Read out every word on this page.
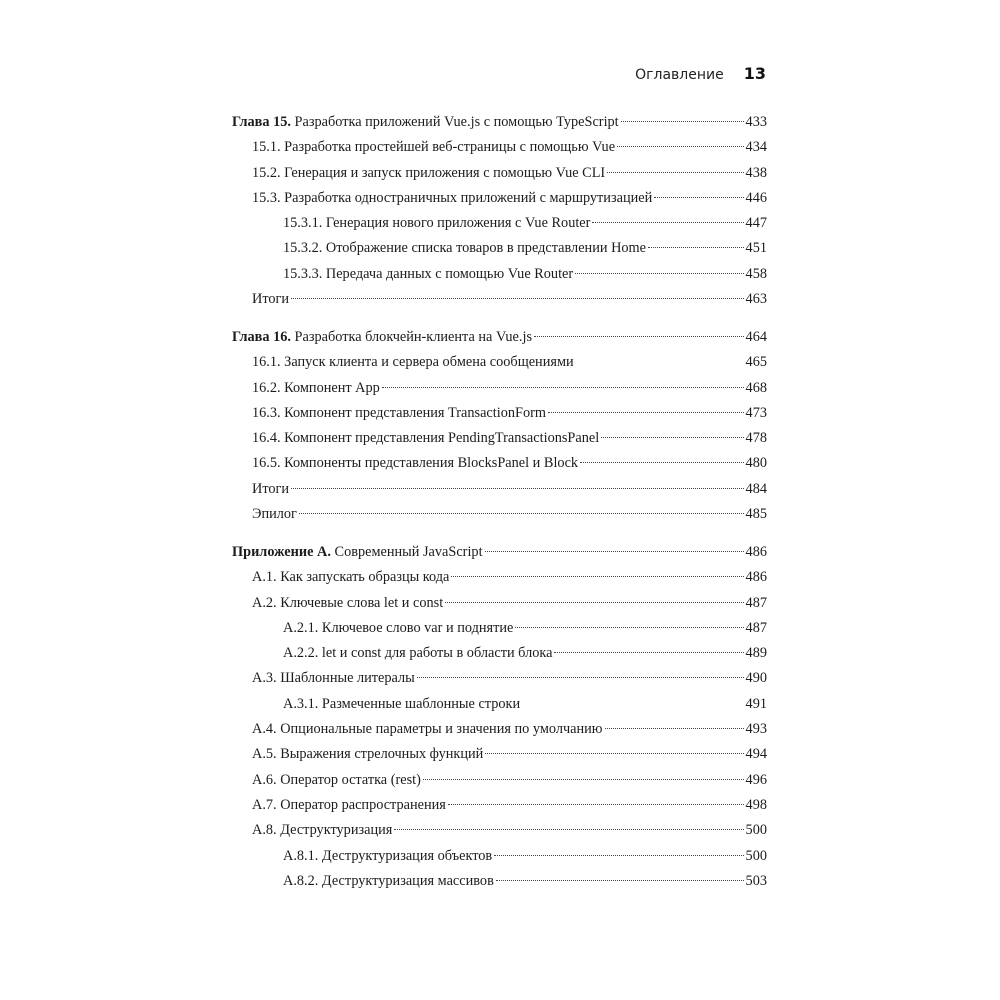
Оглавление 13
Глава 15. Разработка приложений Vue.js с помощью TypeScript	433
15.1. Разработка простейшей веб-страницы с помощью Vue	434
15.2. Генерация и запуск приложения с помощью Vue CLI	438
15.3. Разработка одностраничных приложений с маршрутизацией	446
15.3.1. Генерация нового приложения с Vue Router	447
15.3.2. Отображение списка товаров в представлении Home	451
15.3.3. Передача данных с помощью Vue Router	458
Итоги	463
Глава 16. Разработка блокчейн-клиента на Vue.js	464
16.1. Запуск клиента и сервера обмена сообщениями	465
16.2. Компонент App	468
16.3. Компонент представления TransactionForm	473
16.4. Компонент представления PendingTransactionsPanel	478
16.5. Компоненты представления BlocksPanel и Block	480
Итоги	484
Эпилог	485
Приложение А. Современный JavaScript	486
А.1. Как запускать образцы кода	486
А.2. Ключевые слова let и const	487
А.2.1. Ключевое слово var и поднятие	487
А.2.2. let и const для работы в области блока	489
А.3. Шаблонные литералы	490
А.3.1. Размеченные шаблонные строки	491
А.4. Опциональные параметры и значения по умолчанию	493
А.5. Выражения стрелочных функций	494
А.6. Оператор остатка (rest)	496
А.7. Оператор распространения	498
А.8. Деструктуризация	500
А.8.1. Деструктуризация объектов	500
А.8.2. Деструктуризация массивов	503
